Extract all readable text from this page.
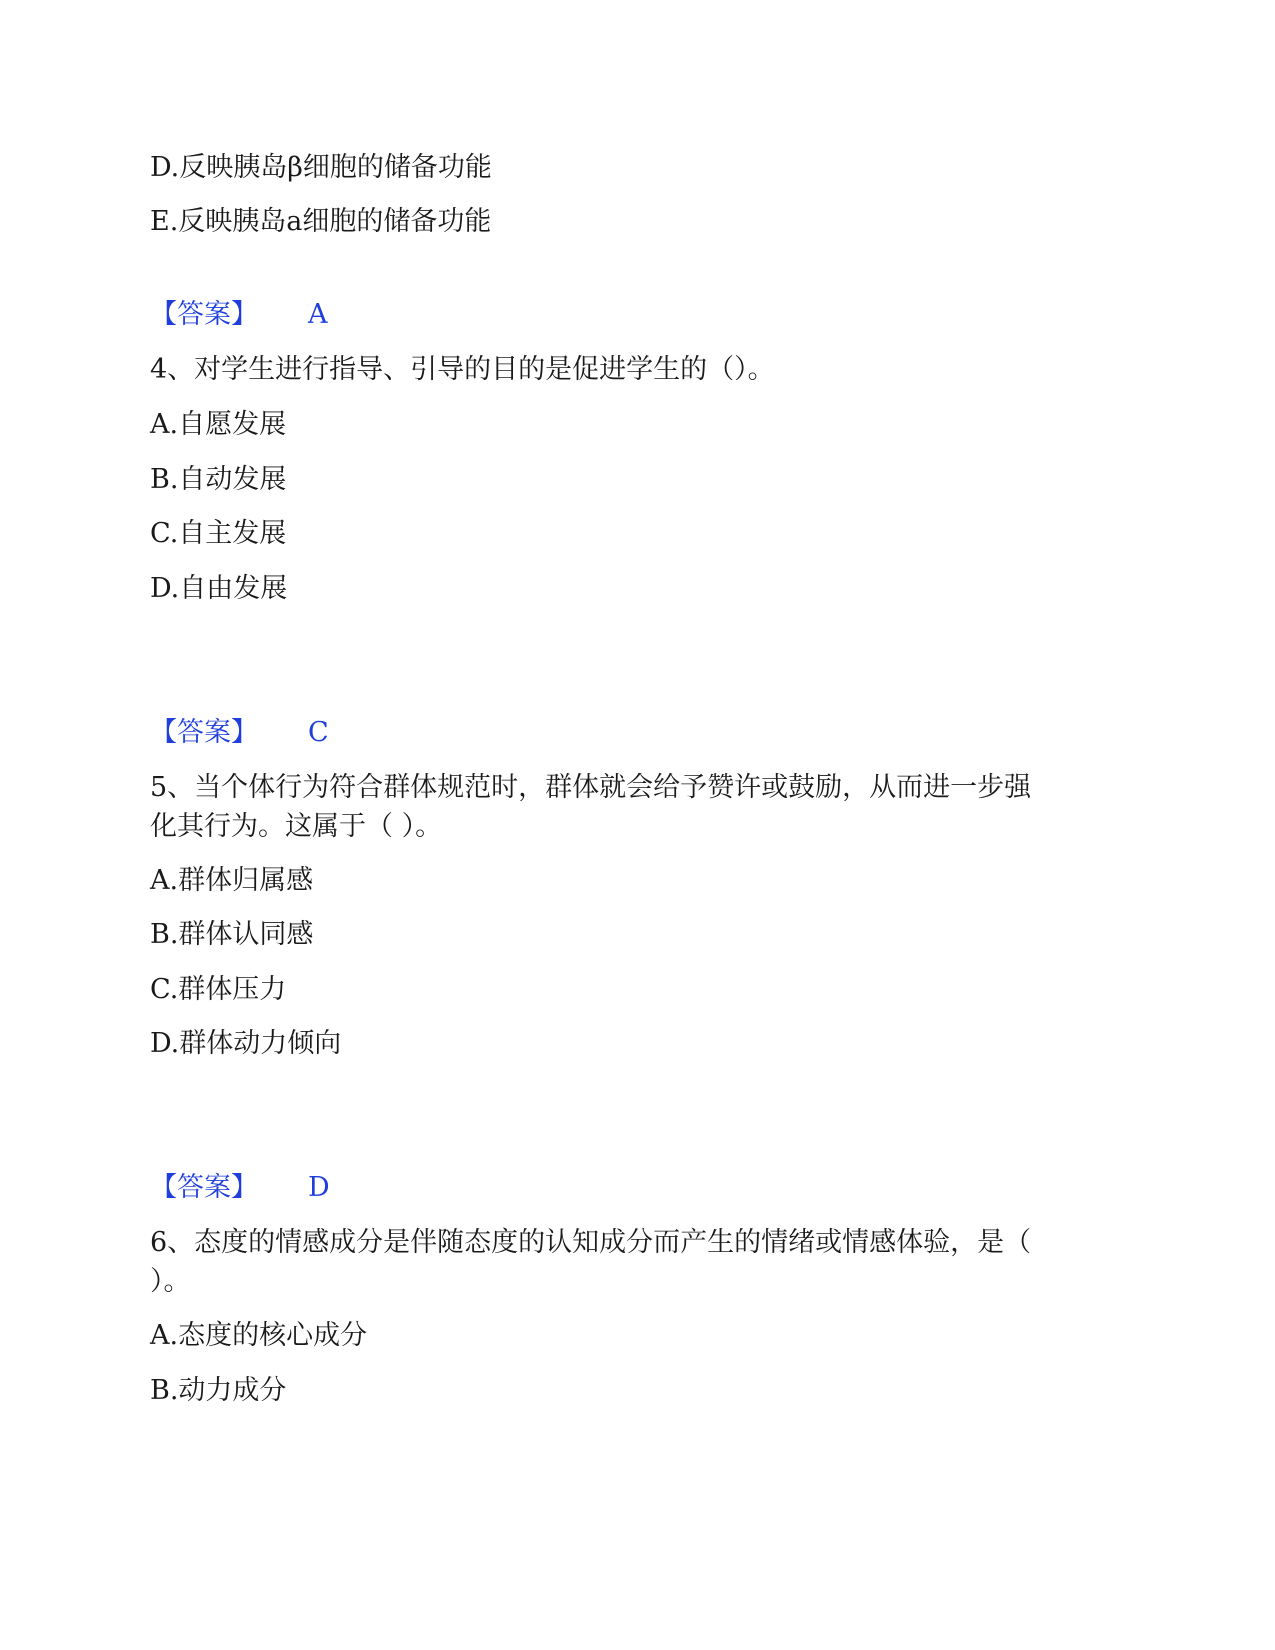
D.反映胰岛β细胞的储备功能
E.反映胰岛a细胞的储备功能
【答案】 A
4、对学生进行指导、引导的目的是促进学生的（）。
A.自愿发展
B.自动发展
C.自主发展
D.自由发展
【答案】 C
5、当个体行为符合群体规范时，群体就会给予赞许或鼓励，从而进一步强
化其行为。这属于（ ）。
A.群体归属感
B.群体认同感
C.群体压力
D.群体动力倾向
【答案】 D
6、态度的情感成分是伴随态度的认知成分而产生的情绪或情感体验，是（
）。
A.态度的核心成分
B.动力成分
